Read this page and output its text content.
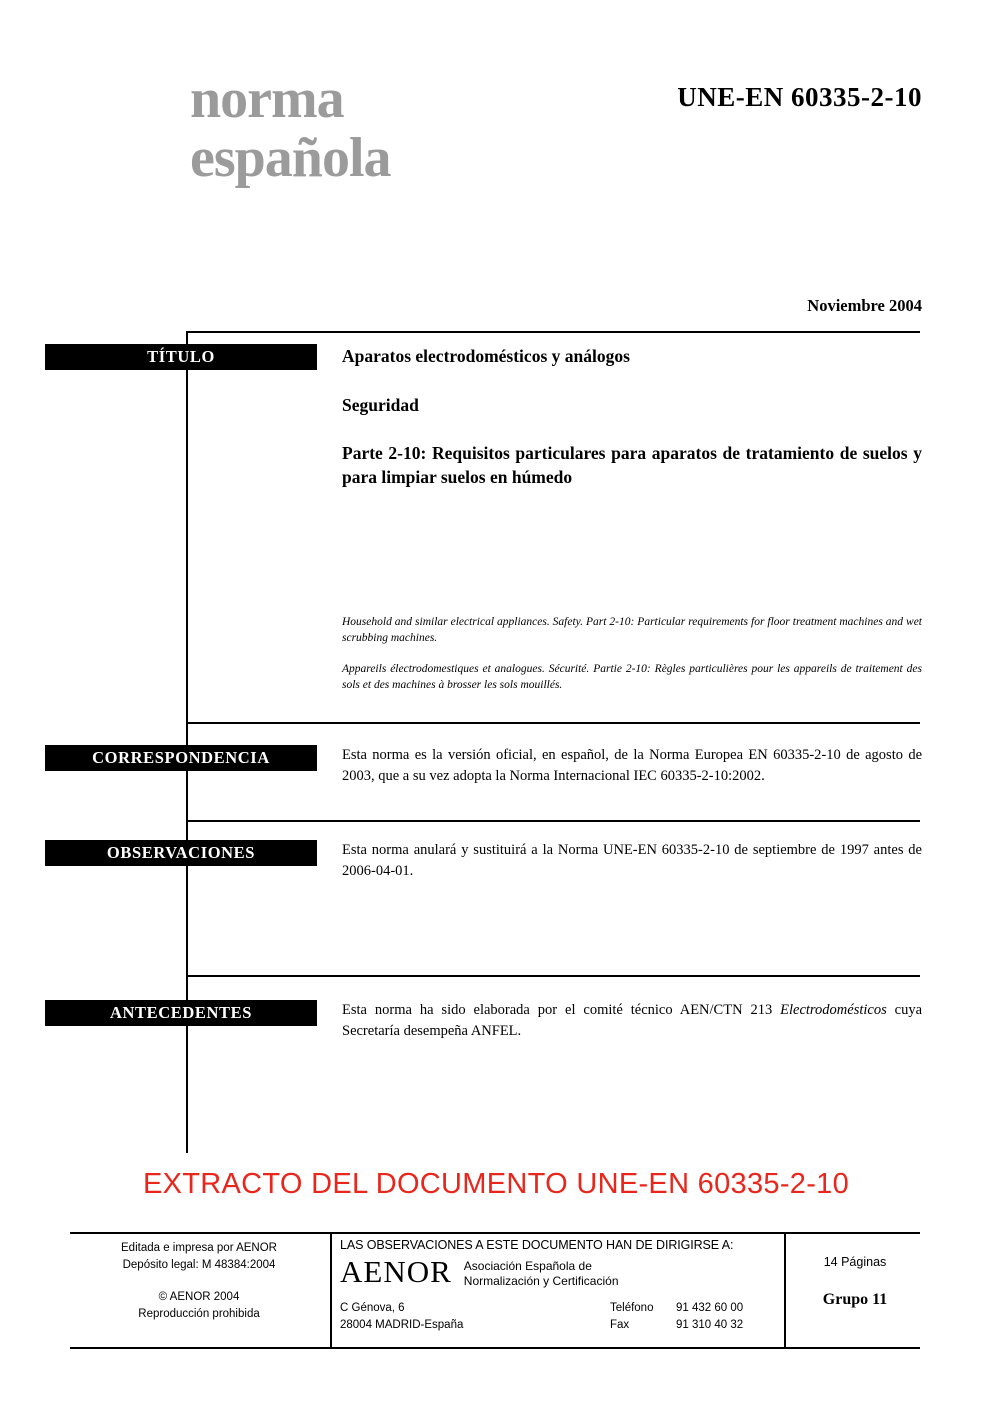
norma
española
UNE-EN 60335-2-10
Noviembre 2004
TÍTULO
CORRESPONDENCIA
OBSERVACIONES
ANTECEDENTES
Aparatos electrodomésticos y análogos
Seguridad
Parte 2-10: Requisitos particulares para aparatos de tratamiento de suelos y para limpiar suelos en húmedo

Household and similar electrical appliances. Safety. Part 2-10: Particular requirements for floor treatment machines and wet scrubbing machines.

Appareils électrodomestiques et analogues. Sécurité. Partie 2-10: Règles particulières pour les appareils de traitement des sols et des machines à brosser les sols mouillés.

Esta norma es la versión oficial, en español, de la Norma Europea EN 60335-2-10 de agosto de 2003, que a su vez adopta la Norma Internacional IEC 60335-2-10:2002.
Esta norma anulará y sustituirá a la Norma UNE-EN 60335-2-10 de septiembre de 1997 antes de 2006-04-01.
Esta norma ha sido elaborada por el comité técnico AEN/CTN 213 Electrodomésticos cuya Secretaría desempeña ANFEL.
EXTRACTO DEL DOCUMENTO UNE-EN 60335-2-10
Editada e impresa por AENOR
Depósito legal: M 48384:2004
© AENOR 2004
Reproducción prohibida
LAS OBSERVACIONES A ESTE DOCUMENTO HAN DE DIRIGIRSE A:
AENOR Asociación Española de
Normalización y Certificación
C Génova, 6
28004 MADRID-España
Teléfono
Fax
91 432 60 00
91 310 40 32
14 Páginas
Grupo 11
